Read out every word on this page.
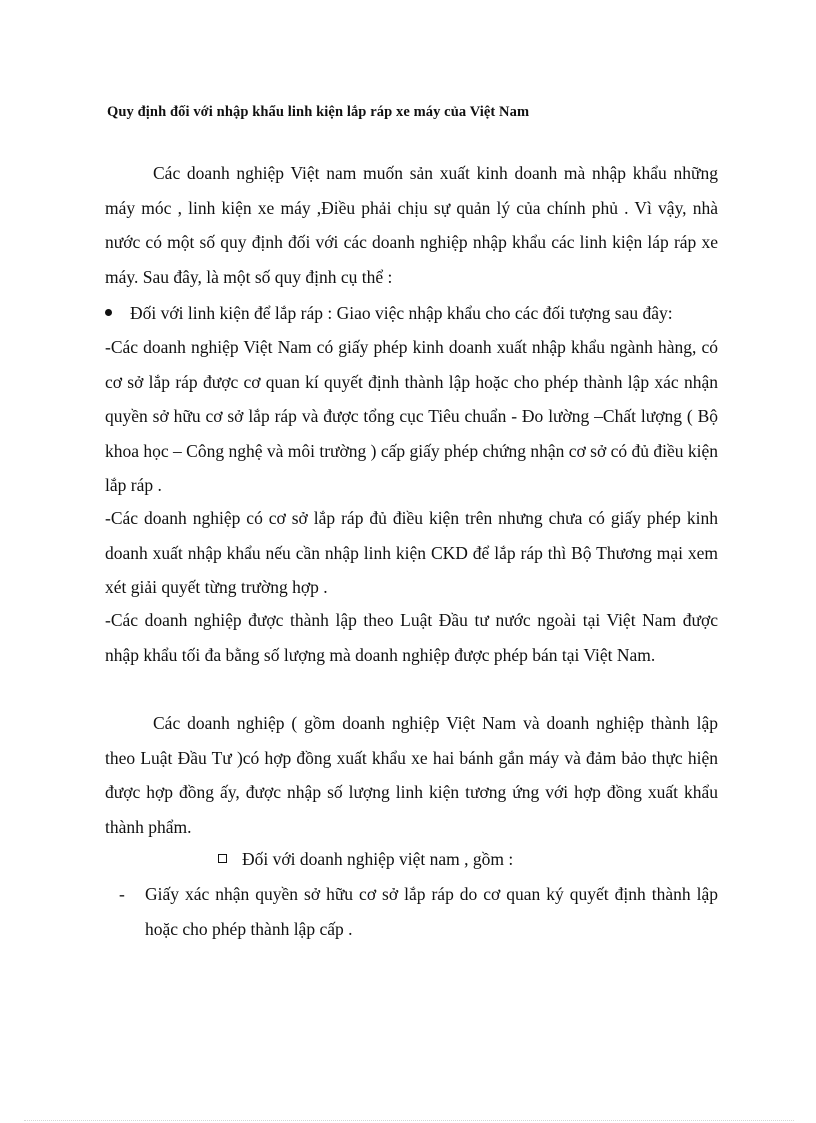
Quy định đối với nhập khẩu linh kiện lắp ráp xe máy của Việt Nam
Các doanh nghiệp Việt nam muốn sản xuất kinh doanh mà nhập khẩu những máy móc , linh kiện xe máy ,Điều phải chịu sự quản lý của chính phủ . Vì vậy, nhà nước có một số quy định đối với các doanh nghiệp nhập khẩu các linh kiện láp ráp xe máy. Sau đây, là một số quy định cụ thể :
Đối với linh kiện để lắp ráp : Giao việc nhập khẩu cho các đối tượng sau đây:
-Các doanh nghiệp Việt Nam có giấy phép kinh doanh xuất nhập khẩu ngành hàng, có cơ sở lắp ráp được cơ quan kí quyết định thành lập hoặc cho phép thành lập xác nhận quyền sở hữu cơ sở lắp ráp và được tổng cục Tiêu chuẩn - Đo lường –Chất lượng ( Bộ khoa học – Công nghệ và môi trường ) cấp giấy phép chứng nhận cơ sở có đủ điều kiện lắp ráp .
-Các doanh nghiệp có cơ sở lắp ráp đủ điều kiện trên nhưng chưa có giấy phép kinh doanh xuất nhập khẩu nếu cần nhập linh kiện CKD để lắp ráp thì Bộ Thương mại xem xét giải quyết từng trường hợp .
-Các doanh nghiệp được thành lập theo Luật Đầu tư nước ngoài tại Việt Nam được nhập khẩu tối đa bằng số lượng mà doanh nghiệp được phép bán tại Việt Nam.
Các doanh nghiệp ( gồm doanh nghiệp Việt Nam và doanh nghiệp thành lập theo Luật Đầu Tư )có hợp đồng xuất khẩu xe hai bánh gắn máy và đảm bảo thực hiện được hợp đồng ấy, được nhập số lượng linh kiện tương ứng với hợp đồng xuất khẩu thành phẩm.
Đối với doanh nghiệp việt nam , gồm :
- Giấy xác nhận quyền sở hữu cơ sở lắp ráp do cơ quan ký quyết định thành lập hoặc cho phép thành lập cấp .
